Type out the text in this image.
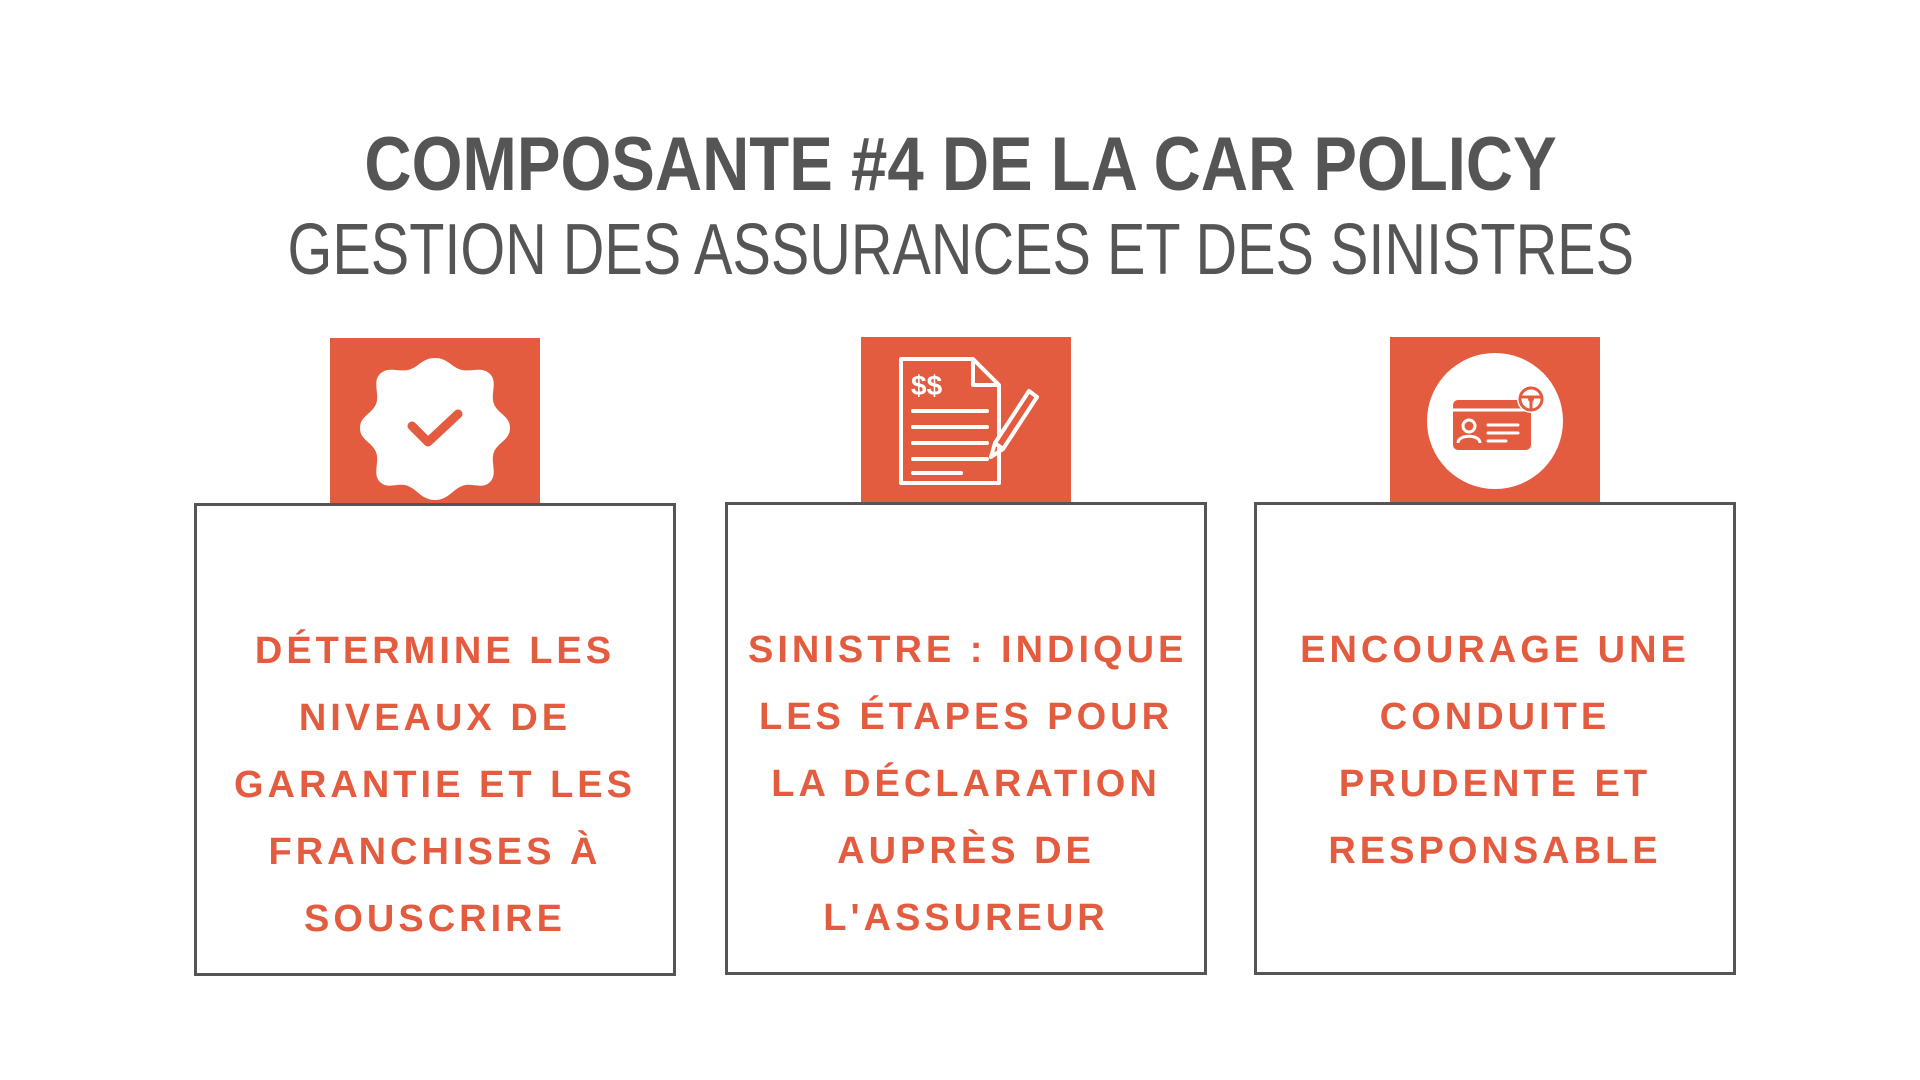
COMPOSANTE #4 DE LA CAR POLICY
GESTION DES ASSURANCES ET DES SINISTRES
DÉTERMINE LES
NIVEAUX DE
GARANTIE ET LES
FRANCHISES À
SOUSCRIRE
$$
SINISTRE : INDIQUE
LES ÉTAPES POUR
LA DÉCLARATION
AUPRÈS DE
L'ASSUREUR
ENCOURAGE UNE
CONDUITE
PRUDENTE ET
RESPONSABLE
